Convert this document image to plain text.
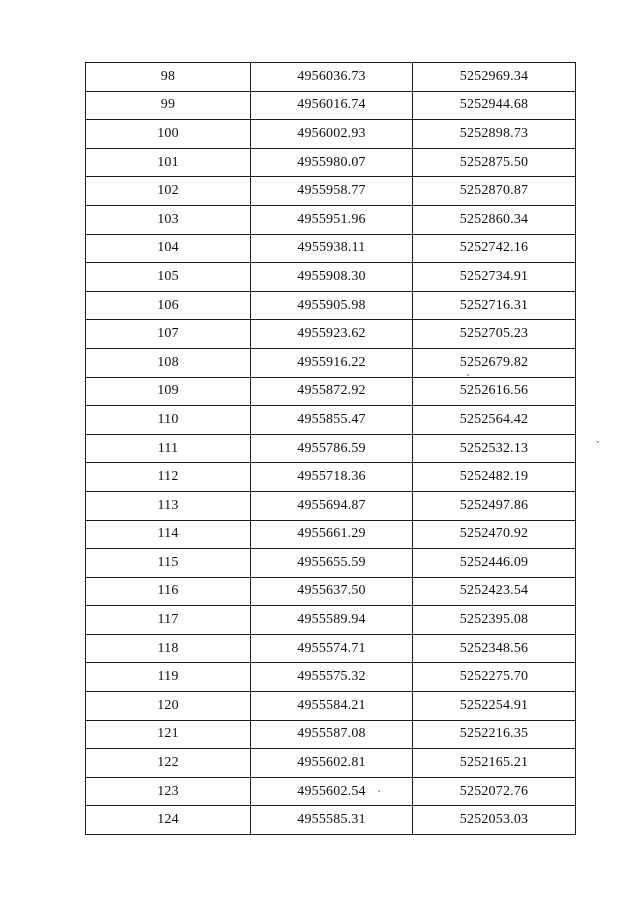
98	4956036.73	5252969.34
99	4956016.74	5252944.68
100	4956002.93	5252898.73
101	4955980.07	5252875.50
102	4955958.77	5252870.87
103	4955951.96	5252860.34
104	4955938.11	5252742.16
105	4955908.30	5252734.91
106	4955905.98	5252716.31
107	4955923.62	5252705.23
108	4955916.22	5252679.82
109	4955872.92	5252616.56
110	4955855.47	5252564.42
111	4955786.59	5252532.13
112	4955718.36	5252482.19
113	4955694.87	5252497.86
114	4955661.29	5252470.92
115	4955655.59	5252446.09
116	4955637.50	5252423.54
117	4955589.94	5252395.08
118	4955574.71	5252348.56
119	4955575.32	5252275.70
120	4955584.21	5252254.91
121	4955587.08	5252216.35
122	4955602.81	5252165.21
123	4955602.54	5252072.76
124	4955585.31	5252053.03
